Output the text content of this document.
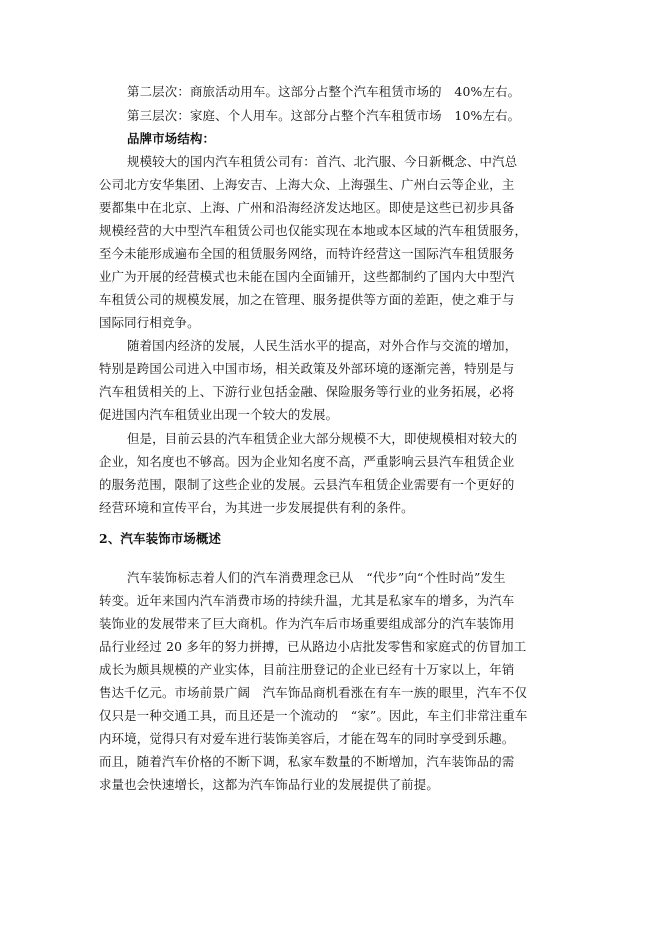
第二层次：商旅活动用车。这部分占整个汽车租赁市场的　40%左右。
第三层次：家庭、个人用车。这部分占整个汽车租赁市场　10%左右。
品牌市场结构：
规模较大的国内汽车租赁公司有：首汽、北汽服、今日新概念、中汽总
公司北方安华集团、上海安吉、上海大众、上海强生、广州白云等企业，主
要都集中在北京、上海、广州和沿海经济发达地区。即使是这些已初步具备
规模经营的大中型汽车租赁公司也仅能实现在本地或本区域的汽车租赁服务，
至今未能形成遍布全国的租赁服务网络，而特许经营这一国际汽车租赁服务
业广为开展的经营模式也未能在国内全面铺开，这些都制约了国内大中型汽
车租赁公司的规模发展，加之在管理、服务提供等方面的差距，使之难于与
国际同行相竞争。
随着国内经济的发展，人民生活水平的提高，对外合作与交流的增加，
特别是跨国公司进入中国市场，相关政策及外部环境的逐渐完善，特别是与
汽车租赁相关的上、下游行业包括金融、保险服务等行业的业务拓展，必将
促进国内汽车租赁业出现一个较大的发展。
但是，目前云县的汽车租赁企业大部分规模不大，即使规模相对较大的
企业，知名度也不够高。因为企业知名度不高，严重影响云县汽车租赁企业
的服务范围，限制了这些企业的发展。云县汽车租赁企业需要有一个更好的
经营环境和宣传平台，为其进一步发展提供有利的条件。
2、汽车装饰市场概述
汽车装饰标志着人们的汽车消费理念已从　“代步”向“个性时尚”发生
转变。近年来国内汽车消费市场的持续升温，尤其是私家车的增多，为汽车
装饰业的发展带来了巨大商机。作为汽车后市场重要组成部分的汽车装饰用
品行业经过 20 多年的努力拼搏，已从路边小店批发零售和家庭式的仿冒加工
成长为颇具规模的产业实体，目前注册登记的企业已经有十万家以上，年销
售达千亿元。市场前景广阔　汽车饰品商机看涨在有车一族的眼里，汽车不仅
仅只是一种交通工具，而且还是一个流动的　“家”。因此，车主们非常注重车
内环境，觉得只有对爱车进行装饰美容后，才能在驾车的同时享受到乐趣。
而且，随着汽车价格的不断下调，私家车数量的不断增加，汽车装饰品的需
求量也会快速增长，这都为汽车饰品行业的发展提供了前提。
